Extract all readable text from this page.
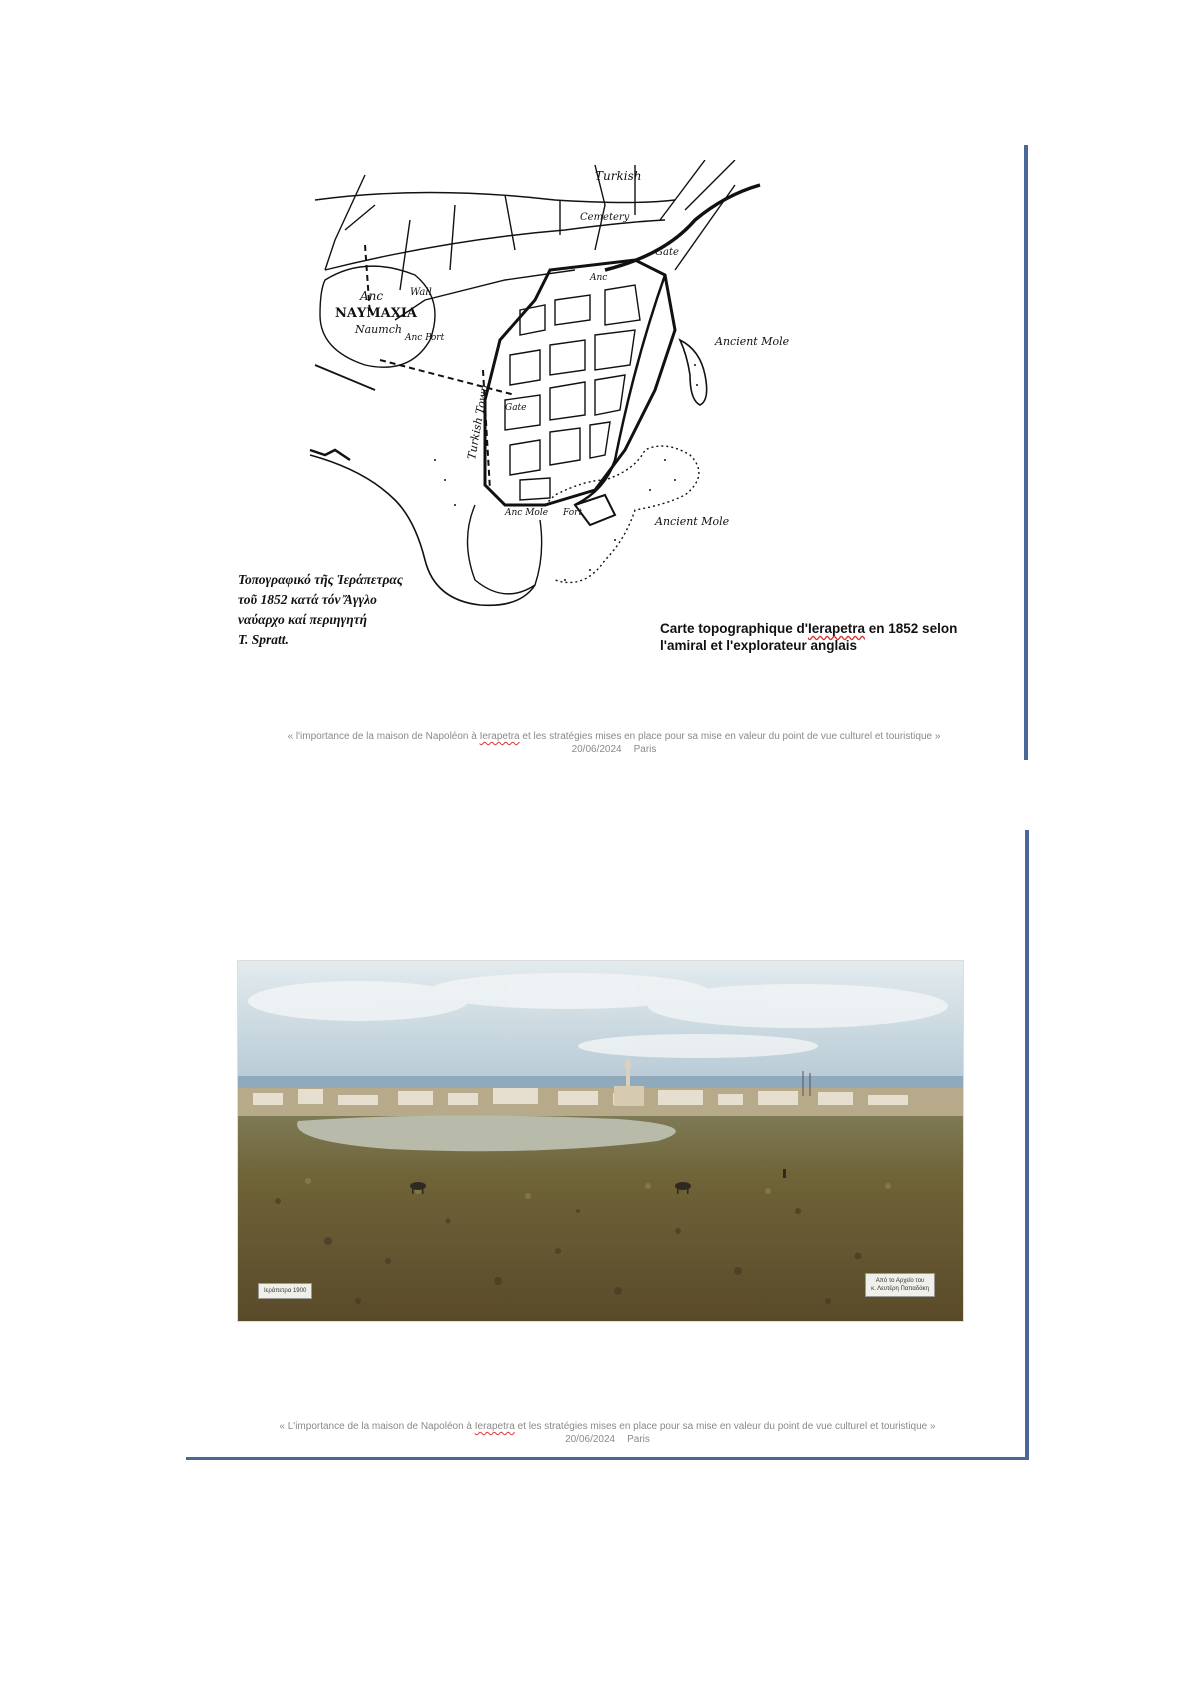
Turkish
Cemetery
Gate
Wall
Anc
Anc
ΝΑΥΜΑΧΙΑ
Naumch
Anc Port	Ancient Mole
Gate
Turkish Town
Anc Mole Fort
Ancient Mole
Τοπογραφικό τῆς Ἱεράπετρας
τοῦ 1852 κατά τόν Ἄγγλο
ναύαρχο καί περιηγητή
T. Spratt.
Carte topographique d'Ierapetra en 1852 selon l'amiral et l'explorateur anglais
« l'importance de la maison de Napoléon à Ierapetra et les stratégies mises en place pour sa mise en valeur du point de vue culturel et touristique »
20/06/2024 Paris
Ιεράπετρα 1900
Από το Αρχείο του
κ. Λευτέρη Παπαδάκη
« L'importance de la maison de Napoléon à Ierapetra et les stratégies mises en place pour sa mise en valeur du point de vue culturel et touristique »
20/06/2024 Paris
